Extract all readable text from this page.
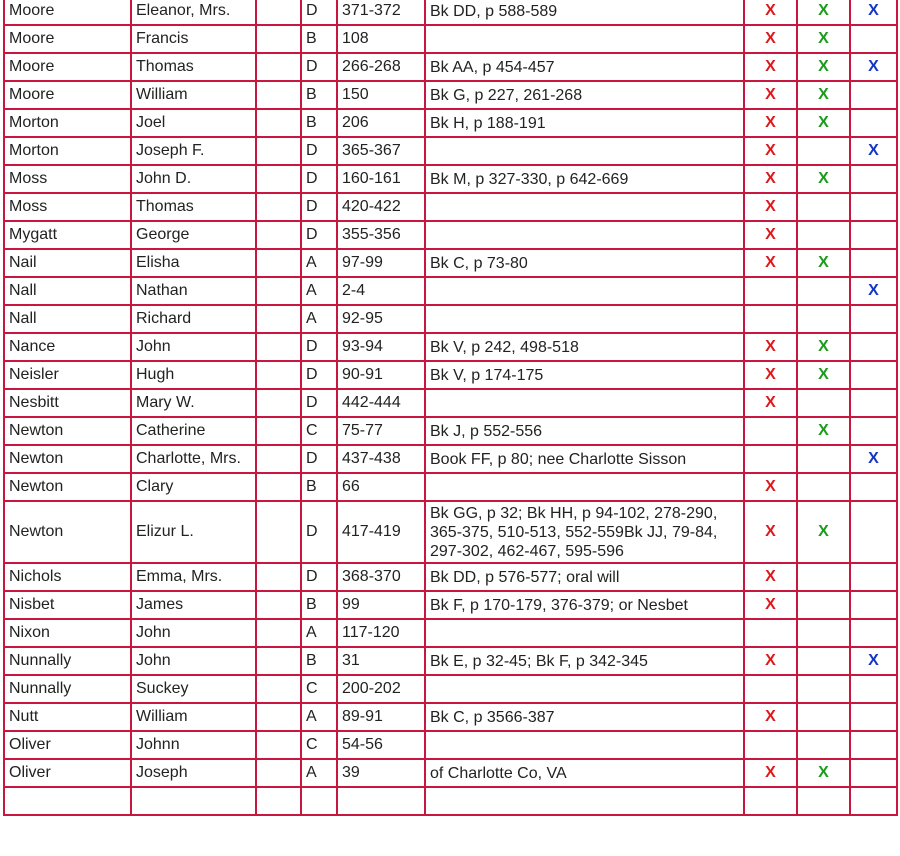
Moore	Eleanor, Mrs.		D	371-372	Bk DD, p 588-589	X	X	X
Moore	Francis		B	108		X	X	
Moore	Thomas		D	266-268	Bk AA, p 454-457	X	X	X
Moore	William		B	150	Bk G, p 227, 261-268	X	X	
Morton	Joel		B	206	Bk H, p 188-191	X	X	
Morton	Joseph F.		D	365-367		X		X
Moss	John D.		D	160-161	Bk M, p 327-330, p 642-669	X	X	
Moss	Thomas		D	420-422		X		
Mygatt	George		D	355-356		X		
Nail	Elisha		A	97-99	Bk C, p 73-80	X	X	
Nall	Nathan		A	2-4				X
Nall	Richard		A	92-95				
Nance	John		D	93-94	Bk V, p 242, 498-518	X	X	
Neisler	Hugh		D	90-91	Bk V, p 174-175	X	X	
Nesbitt	Mary W.		D	442-444		X		
Newton	Catherine		C	75-77	Bk J, p 552-556		X	
Newton	Charlotte, Mrs.		D	437-438	Book FF, p 80; nee Charlotte Sisson			X
Newton	Clary		B	66		X		
Newton	Elizur L.		D	417-419	Bk GG, p 32; Bk HH, p 94-102, 278-290, 365-375, 510-513, 552-559Bk JJ, 79-84, 297-302, 462-467, 595-596	X	X	
Nichols	Emma, Mrs.		D	368-370	Bk DD, p 576-577; oral will	X		
Nisbet	James		B	99	Bk F, p 170-179, 376-379; or Nesbet	X		
Nixon	John		A	117-120				
Nunnally	John		B	31	Bk E, p 32-45; Bk F, p 342-345	X		X
Nunnally	Suckey		C	200-202				
Nutt	William		A	89-91	Bk C, p 3566-387	X		
Oliver	Johnn		C	54-56				
Oliver	Joseph		A	39	of Charlotte Co, VA	X	X	
